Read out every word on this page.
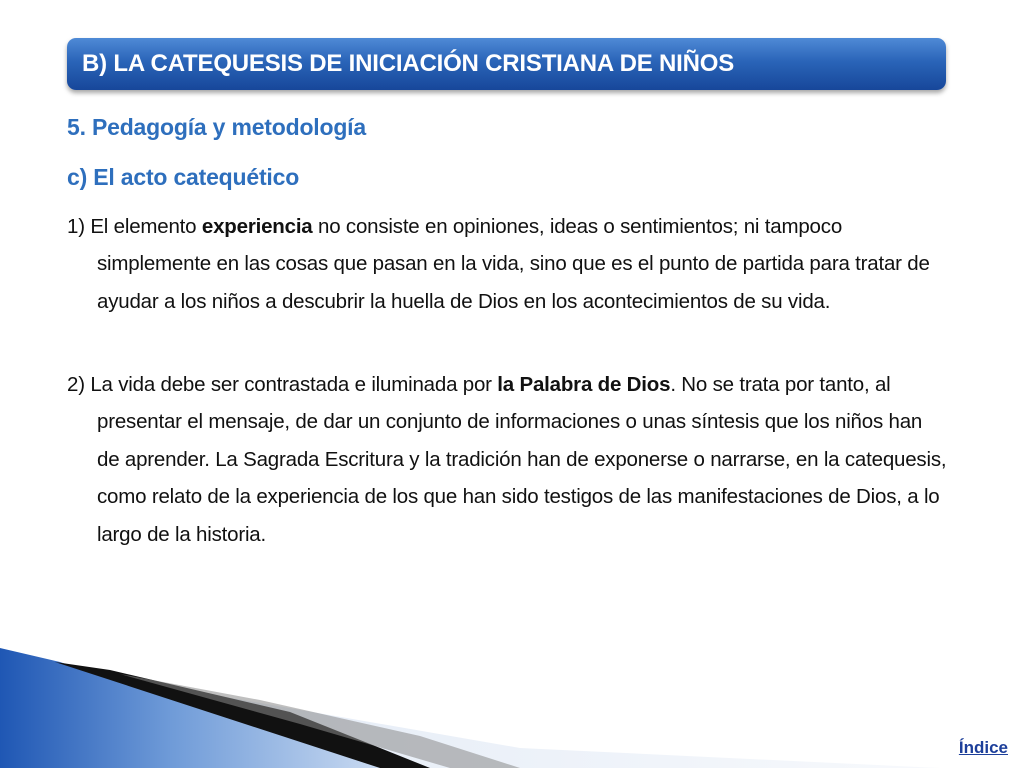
B) LA CATEQUESIS DE INICIACIÓN CRISTIANA DE NIÑOS
5. Pedagogía y metodología
c) El acto catequético

1) El elemento experiencia no consiste en opiniones, ideas o sentimientos; ni tampoco simplemente en las cosas que pasan en la vida, sino que es el punto de partida para tratar de ayudar a los niños a descubrir la huella de Dios en los acontecimientos de su vida.

2) La vida debe ser contrastada e iluminada por la Palabra de Dios. No se trata por tanto, al presentar el mensaje, de dar un conjunto de informaciones o unas síntesis que los niños han de aprender. La Sagrada Escritura y la tradición han de exponerse o narrarse, en la catequesis, como relato de la experiencia de los que han sido testigos de las manifestaciones de Dios, a lo largo de la historia.

Índice
